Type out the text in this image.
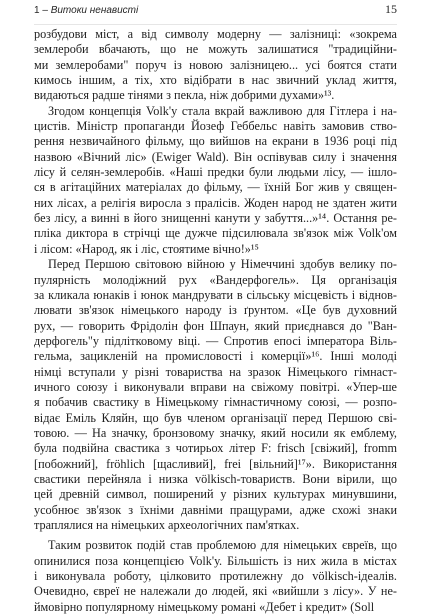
1 – Витоки ненависті	15
розбудови міст, а від символу модерну — залізниці: «зокрема
землероби вбачають, що не можуть залишатися "традиційни-
ми землеробами" поруч із новою залізницею... усі боятся стати
кимось іншим, а тіх, хто відібрати в нас звичний уклад життя,
видаються радше тінями з пекла, ніж добрими духами»¹³.
Згодом концепція Volk'у стала вкрай важливою для Гітлера і на-
цистів. Міністр пропаганди Йозеф Геббельс навіть замовив ство-
рення незвичайного фільму, що вийшов на екрани в 1936 році під
назвою «Вічний ліс» (Ewiger Wald). Він оспівував силу і значення
лісу й селян-землеробів. «Наші предки були людьми лісу, — ішло-
ся в агітаційних матеріалах до фільму, — їхній Бог жив у священ-
них лісах, а релігія виросла з пралісів. Жоден народ не здатен жити
без лісу, а винні в його знищенні канути у забуття...»¹⁴. Остання ре-
пліка диктора в стрічці ще дужче підсилювала зв'язок між Volk'ом
і лісом: «Народ, як і ліс, стоятиме вічно!»¹⁵
Перед Першою світовою війною у Німеччині здобув велику по-
пулярність молодіжний рух «Вандерфогель». Ця організація
за кликала юнаків і юнок мандрувати в сільську місцевість і віднов-
лювати зв'язок німецького народу із ґрунтом. «Це був духовний
рух, — говорить Фрідолін фон Шпаун, який приєднався до "Ван-
дерфогель"у підлітковому віці. — Спротив епосі імператора Віль-
гельма, зацикленій на промисловості і комерції»¹⁶. Інші молоді
німці вступали у різні товариства на зразок Німецького гімнаст-
ичного союзу і виконували вправи на свіжому повітрі. «Упер-ше
я побачив свастику в Німецькому гімнастичному союзі, — розпо-
відає Еміль Кляйн, що був членом організації перед Першою сві-
товою. — На значку, бронзовому значку, який носили як емблему,
була подвійна свастика з чотирьох літер F: frisch [свіжий], fromm
[побожний], fröhlich [щасливий], frei [вільний]¹⁷». Використання
свастики перейняла і низка völkisch-товариств. Вони вірили, що
цей древній символ, поширений у різних культурах минувшини,
усобнює зв'язок з їхніми давніми пращурами, адже схожі знаки
траплялися на німецьких археологічних пам'ятках.
Таким розвиток подій став проблемою для німецьких євреїв, що
опинилися поза концепцією Volk'у. Більшість із них жила в містах
і виконувала роботу, цілковито протилежну до völkisch-ідеалів.
Очевидно, євреї не належали до людей, які «вийшли з лісу». У не-
ймовірно популярному німецькому романі «Дебет і кредит» (Soll
